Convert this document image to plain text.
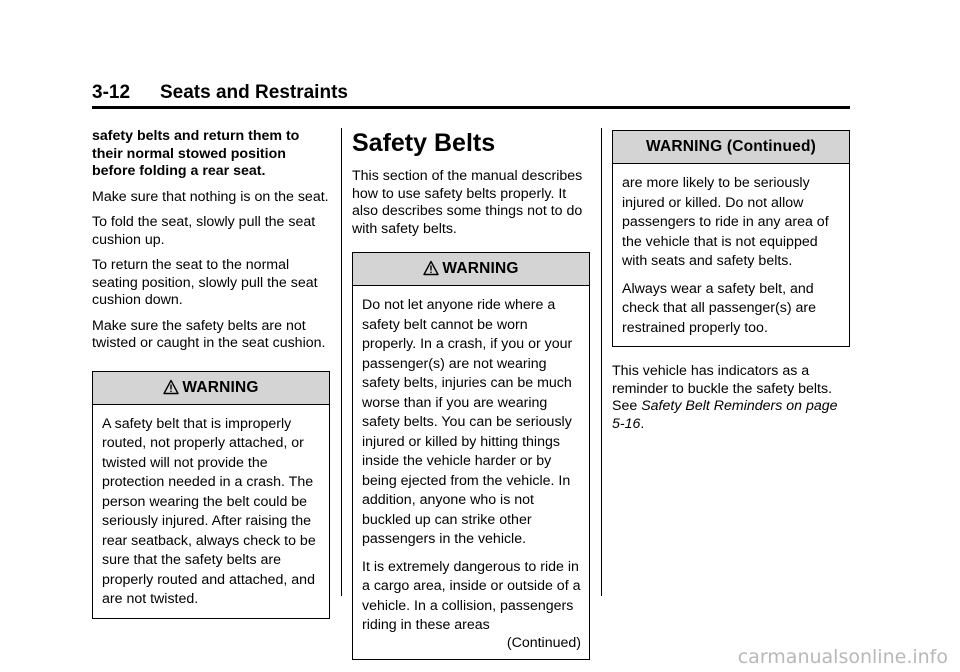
3-12 Seats and Restraints

safety belts and return them to their normal stowed position before folding a rear seat.

Make sure that nothing is on the seat.

To fold the seat, slowly pull the seat cushion up.

To return the seat to the normal seating position, slowly pull the seat cushion down.

Make sure the safety belts are not twisted or caught in the seat cushion.

WARNING

A safety belt that is improperly routed, not properly attached, or twisted will not provide the protection needed in a crash. The person wearing the belt could be seriously injured. After raising the rear seatback, always check to be sure that the safety belts are properly routed and attached, and are not twisted.

Safety Belts

This section of the manual describes how to use safety belts properly. It also describes some things not to do with safety belts.

WARNING

Do not let anyone ride where a safety belt cannot be worn properly. In a crash, if you or your passenger(s) are not wearing safety belts, injuries can be much worse than if you are wearing safety belts. You can be seriously injured or killed by hitting things inside the vehicle harder or by being ejected from the vehicle. In addition, anyone who is not buckled up can strike other passengers in the vehicle.

It is extremely dangerous to ride in a cargo area, inside or outside of a vehicle. In a collision, passengers riding in these areas

(Continued)
WARNING (Continued)

are more likely to be seriously injured or killed. Do not allow passengers to ride in any area of the vehicle that is not equipped with seats and safety belts.

Always wear a safety belt, and check that all passenger(s) are restrained properly too.

This vehicle has indicators as a reminder to buckle the safety belts. See Safety Belt Reminders on page 5-16.

carmanualsonline.info
